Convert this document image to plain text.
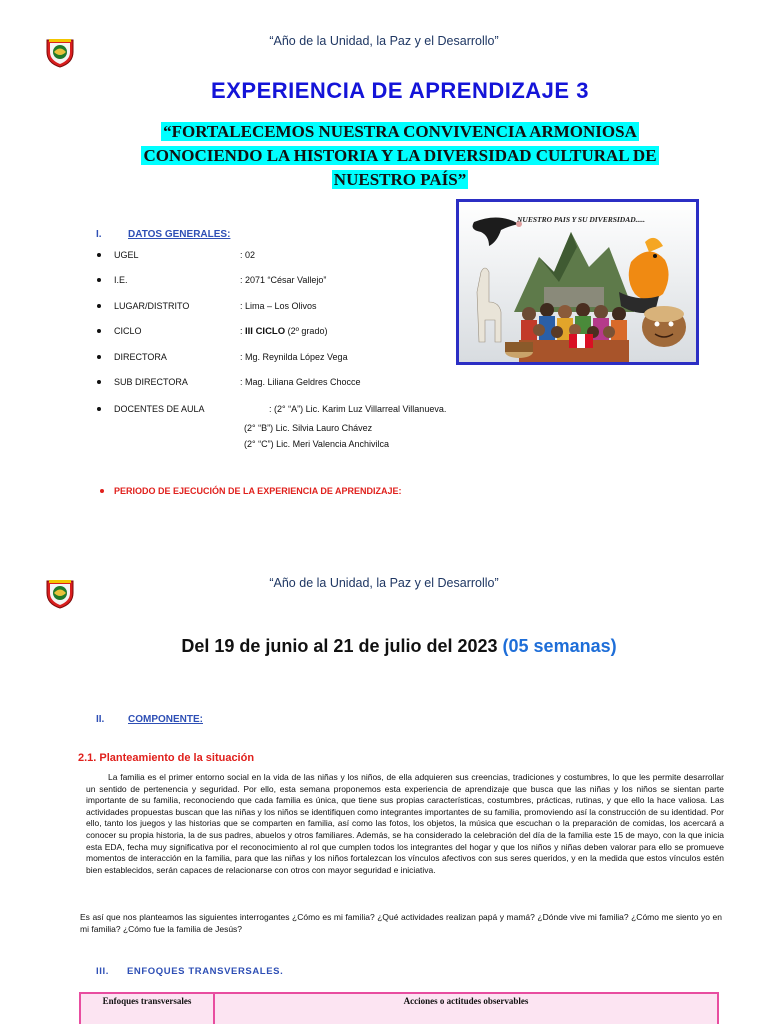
“Año de la Unidad, la Paz y el Desarrollo”
EXPERIENCIA DE APRENDIZAJE 3
“FORTALECEMOS NUESTRA CONVIVENCIA ARMONIOSA
CONOCIENDO LA HISTORIA Y LA DIVERSIDAD CULTURAL DE
NUESTRO PAÍS”
NUESTRO PAIS Y SU DIVERSIDAD.....
I.	DATOS GENERALES:
UGEL	: 02
I.E.	: 2071 “César Vallejo”
LUGAR/DISTRITO	: Lima – Los Olivos
CICLO	: III CICLO (2º grado)
DIRECTORA	: Mg. Reynilda López Vega
SUB DIRECTORA	: Mag. Liliana Geldres Chocce
DOCENTES DE AULA	: (2° “A”) Lic. Karim Luz Villarreal Villanueva.
(2° “B”) Lic. Silvia Lauro Chávez
(2° “C”) Lic. Meri Valencia Anchivilca
PERIODO DE EJECUCIÓN DE LA EXPERIENCIA DE APRENDIZAJE:
“Año de la Unidad, la Paz y el Desarrollo”
Del 19 de junio al 21 de julio del 2023 (05 semanas)
II. COMPONENTE:
2.1. Planteamiento de la situación
La familia es el primer entorno social en la vida de las niñas y los niños, de ella adquieren sus creencias, tradiciones y costumbres, lo que les permite desarrollar un sentido de pertenencia y seguridad. Por ello, esta semana proponemos esta experiencia de aprendizaje que busca que las niñas y los niños se sientan parte importante de su familia, reconociendo que cada familia es única, que tiene sus propias características, costumbres, prácticas, rutinas, y que ello la hace valiosa. Las actividades propuestas buscan que las niñas y los niños se identifiquen como integrantes importantes de su familia, promoviendo así la construcción de su identidad. Por ello, tanto los juegos y las historias que se comparten en familia, así como las fotos, los objetos, la música que escuchan o la preparación de comidas, los acercará a conocer su propia historia, la de sus padres, abuelos y otros familiares. Además, se ha considerado la celebración del día de la familia este 15 de mayo, con la que inicia esta EDA, fecha muy significativa por el reconocimiento al rol que cumplen todos los integrantes del hogar y que los niños y niñas deben valorar para ello se promueve momentos de interacción en la familia, para que las niñas y los niños fortalezcan los vínculos afectivos con sus seres queridos, y en la medida que estos vínculos estén bien establecidos, serán capaces de relacionarse con otros con mayor seguridad e iniciativa.
Es así que nos planteamos las siguientes interrogantes ¿Cómo es mi familia? ¿Qué actividades realizan papá y mamá? ¿Dónde vive mi familia? ¿Cómo me siento yo en mi familia? ¿Cómo fue la familia de Jesús?
III. ENFOQUES TRANSVERSALES.
Enfoques transversales	Acciones o actitudes observables
